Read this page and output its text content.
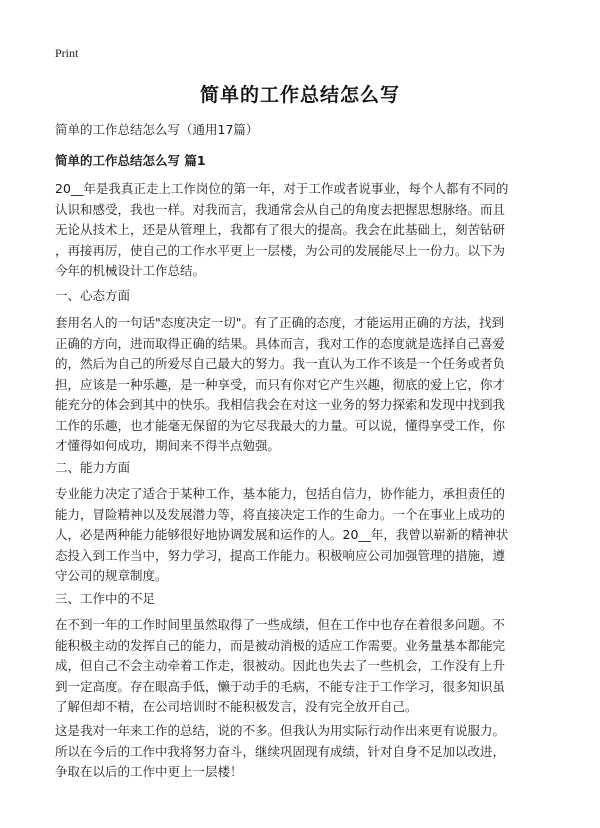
Print
简单的工作总结怎么写
简单的工作总结怎么写（通用17篇）
简单的工作总结怎么写 篇1
20__年是我真正走上工作岗位的第一年，对于工作或者说事业，每个人都有不同的
认识和感受，我也一样。对我而言，我通常会从自己的角度去把握思想脉络。而且
无论从技术上，还是从管理上，我都有了很大的提高。我会在此基础上，刻苦钻研
，再接再厉，使自己的工作水平更上一层楼，为公司的发展能尽上一份力。以下为
今年的机械设计工作总结。
一、心态方面
套用名人的一句话"态度决定一切"。有了正确的态度，才能运用正确的方法，找到
正确的方向，进而取得正确的结果。具体而言，我对工作的态度就是选择自己喜爱
的，然后为自己的所爱尽自己最大的努力。我一直认为工作不该是一个任务或者负
担，应该是一种乐趣，是一种享受，而只有你对它产生兴趣，彻底的爱上它，你才
能充分的体会到其中的快乐。我相信我会在对这一业务的努力探索和发现中找到我
工作的乐趣，也才能毫无保留的为它尽我最大的力量。可以说，懂得享受工作，你
才懂得如何成功，期间来不得半点勉强。
二、能力方面
专业能力决定了适合于某种工作，基本能力，包括自信力，协作能力，承担责任的
能力，冒险精神以及发展潜力等，将直接决定工作的生命力。一个在事业上成功的
人，必是两种能力能够很好地协调发展和运作的人。20__年，我曾以崭新的精神状
态投入到工作当中，努力学习，提高工作能力。积极响应公司加强管理的措施，遵
守公司的规章制度。
三、工作中的不足
在不到一年的工作时间里虽然取得了一些成绩，但在工作中也存在着很多问题。不
能积极主动的发挥自己的能力，而是被动消极的适应工作需要。业务量基本都能完
成，但自己不会主动牵着工作走，很被动。因此也失去了一些机会，工作没有上升
到一定高度。存在眼高手低，懒于动手的毛病，不能专注于工作学习，很多知识虽
了解但却不精，在公司培训时不能积极发言，没有完全放开自己。
这是我对一年来工作的总结，说的不多。但我认为用实际行动作出来更有说服力。
所以在今后的工作中我将努力奋斗，继续巩固现有成绩，针对自身不足加以改进，
争取在以后的工作中更上一层楼！
